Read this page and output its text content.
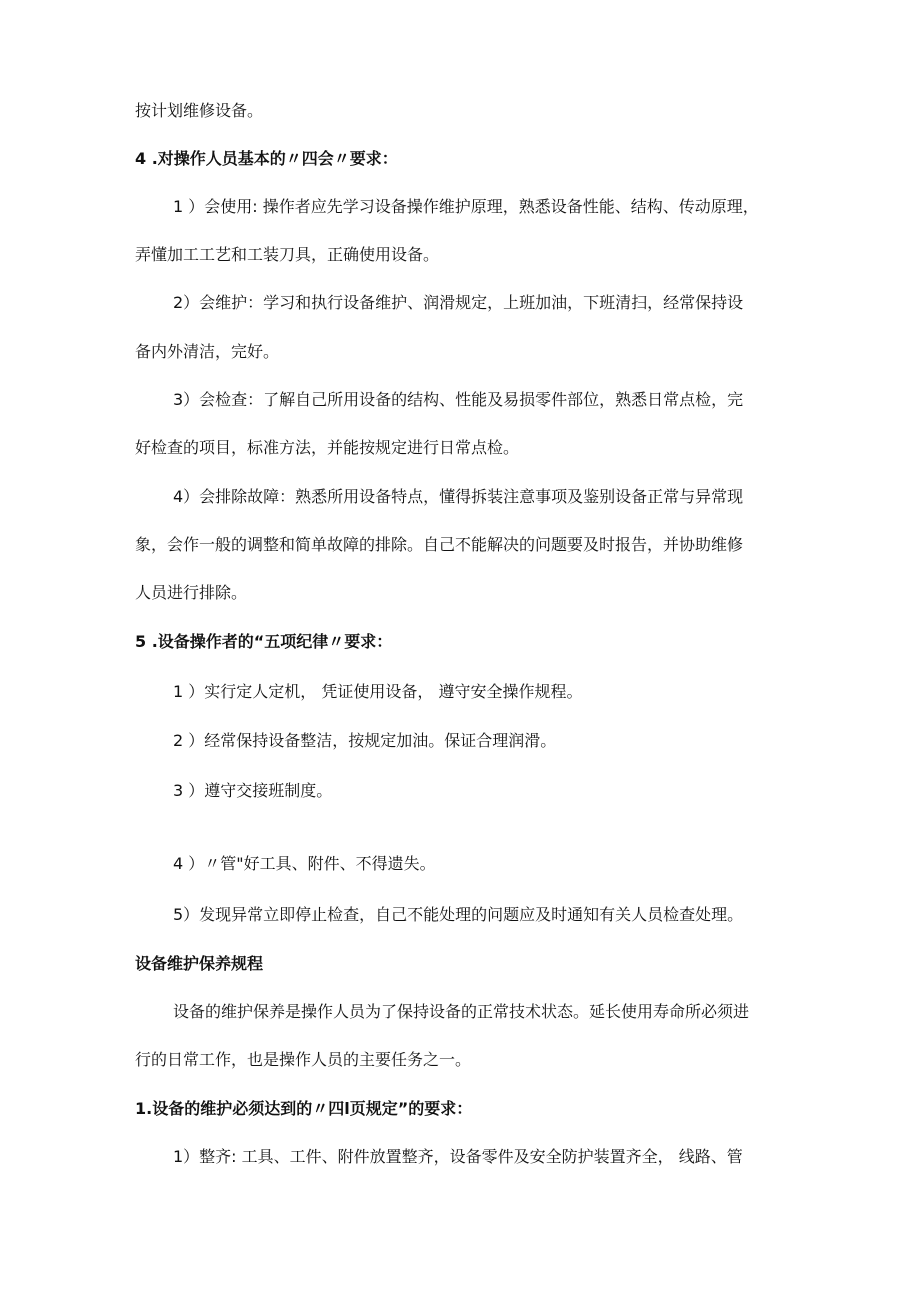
按计划维修设备。
4 .对操作人员基本的〃四会〃要求：
1 ）会使用: 操作者应先学习设备操作维护原理，熟悉设备性能、结构、传动原理，
弄懂加工工艺和工装刀具，正确使用设备。
2）会维护：学习和执行设备维护、润滑规定，上班加油，下班清扫，经常保持设
备内外清洁，完好。
3）会检查：了解自己所用设备的结构、性能及易损零件部位，熟悉日常点检，完
好检查的项目，标准方法，并能按规定进行日常点检。
4）会排除故障：熟悉所用设备特点，懂得拆装注意事项及鉴别设备正常与异常现
象，会作一般的调整和简单故障的排除。自己不能解决的问题要及时报告，并协助维修
人员进行排除。
5 .设备操作者的“五项纪律〃要求：
1 ）实行定人定机， 凭证使用设备， 遵守安全操作规程。
2 ）经常保持设备整洁，按规定加油。保证合理润滑。
3 ）遵守交接班制度。
4 ）〃管"好工具、附件、不得遗失。
5）发现异常立即停止检查，自己不能处理的问题应及时通知有关人员检查处理。
设备维护保养规程
设备的维护保养是操作人员为了保持设备的正常技术状态。延长使用寿命所必须进
行的日常工作，也是操作人员的主要任务之一。
1.设备的维护必须达到的〃四l页规定”的要求：
1）整齐: 工具、工件、附件放置整齐，设备零件及安全防护装置齐全， 线路、管
